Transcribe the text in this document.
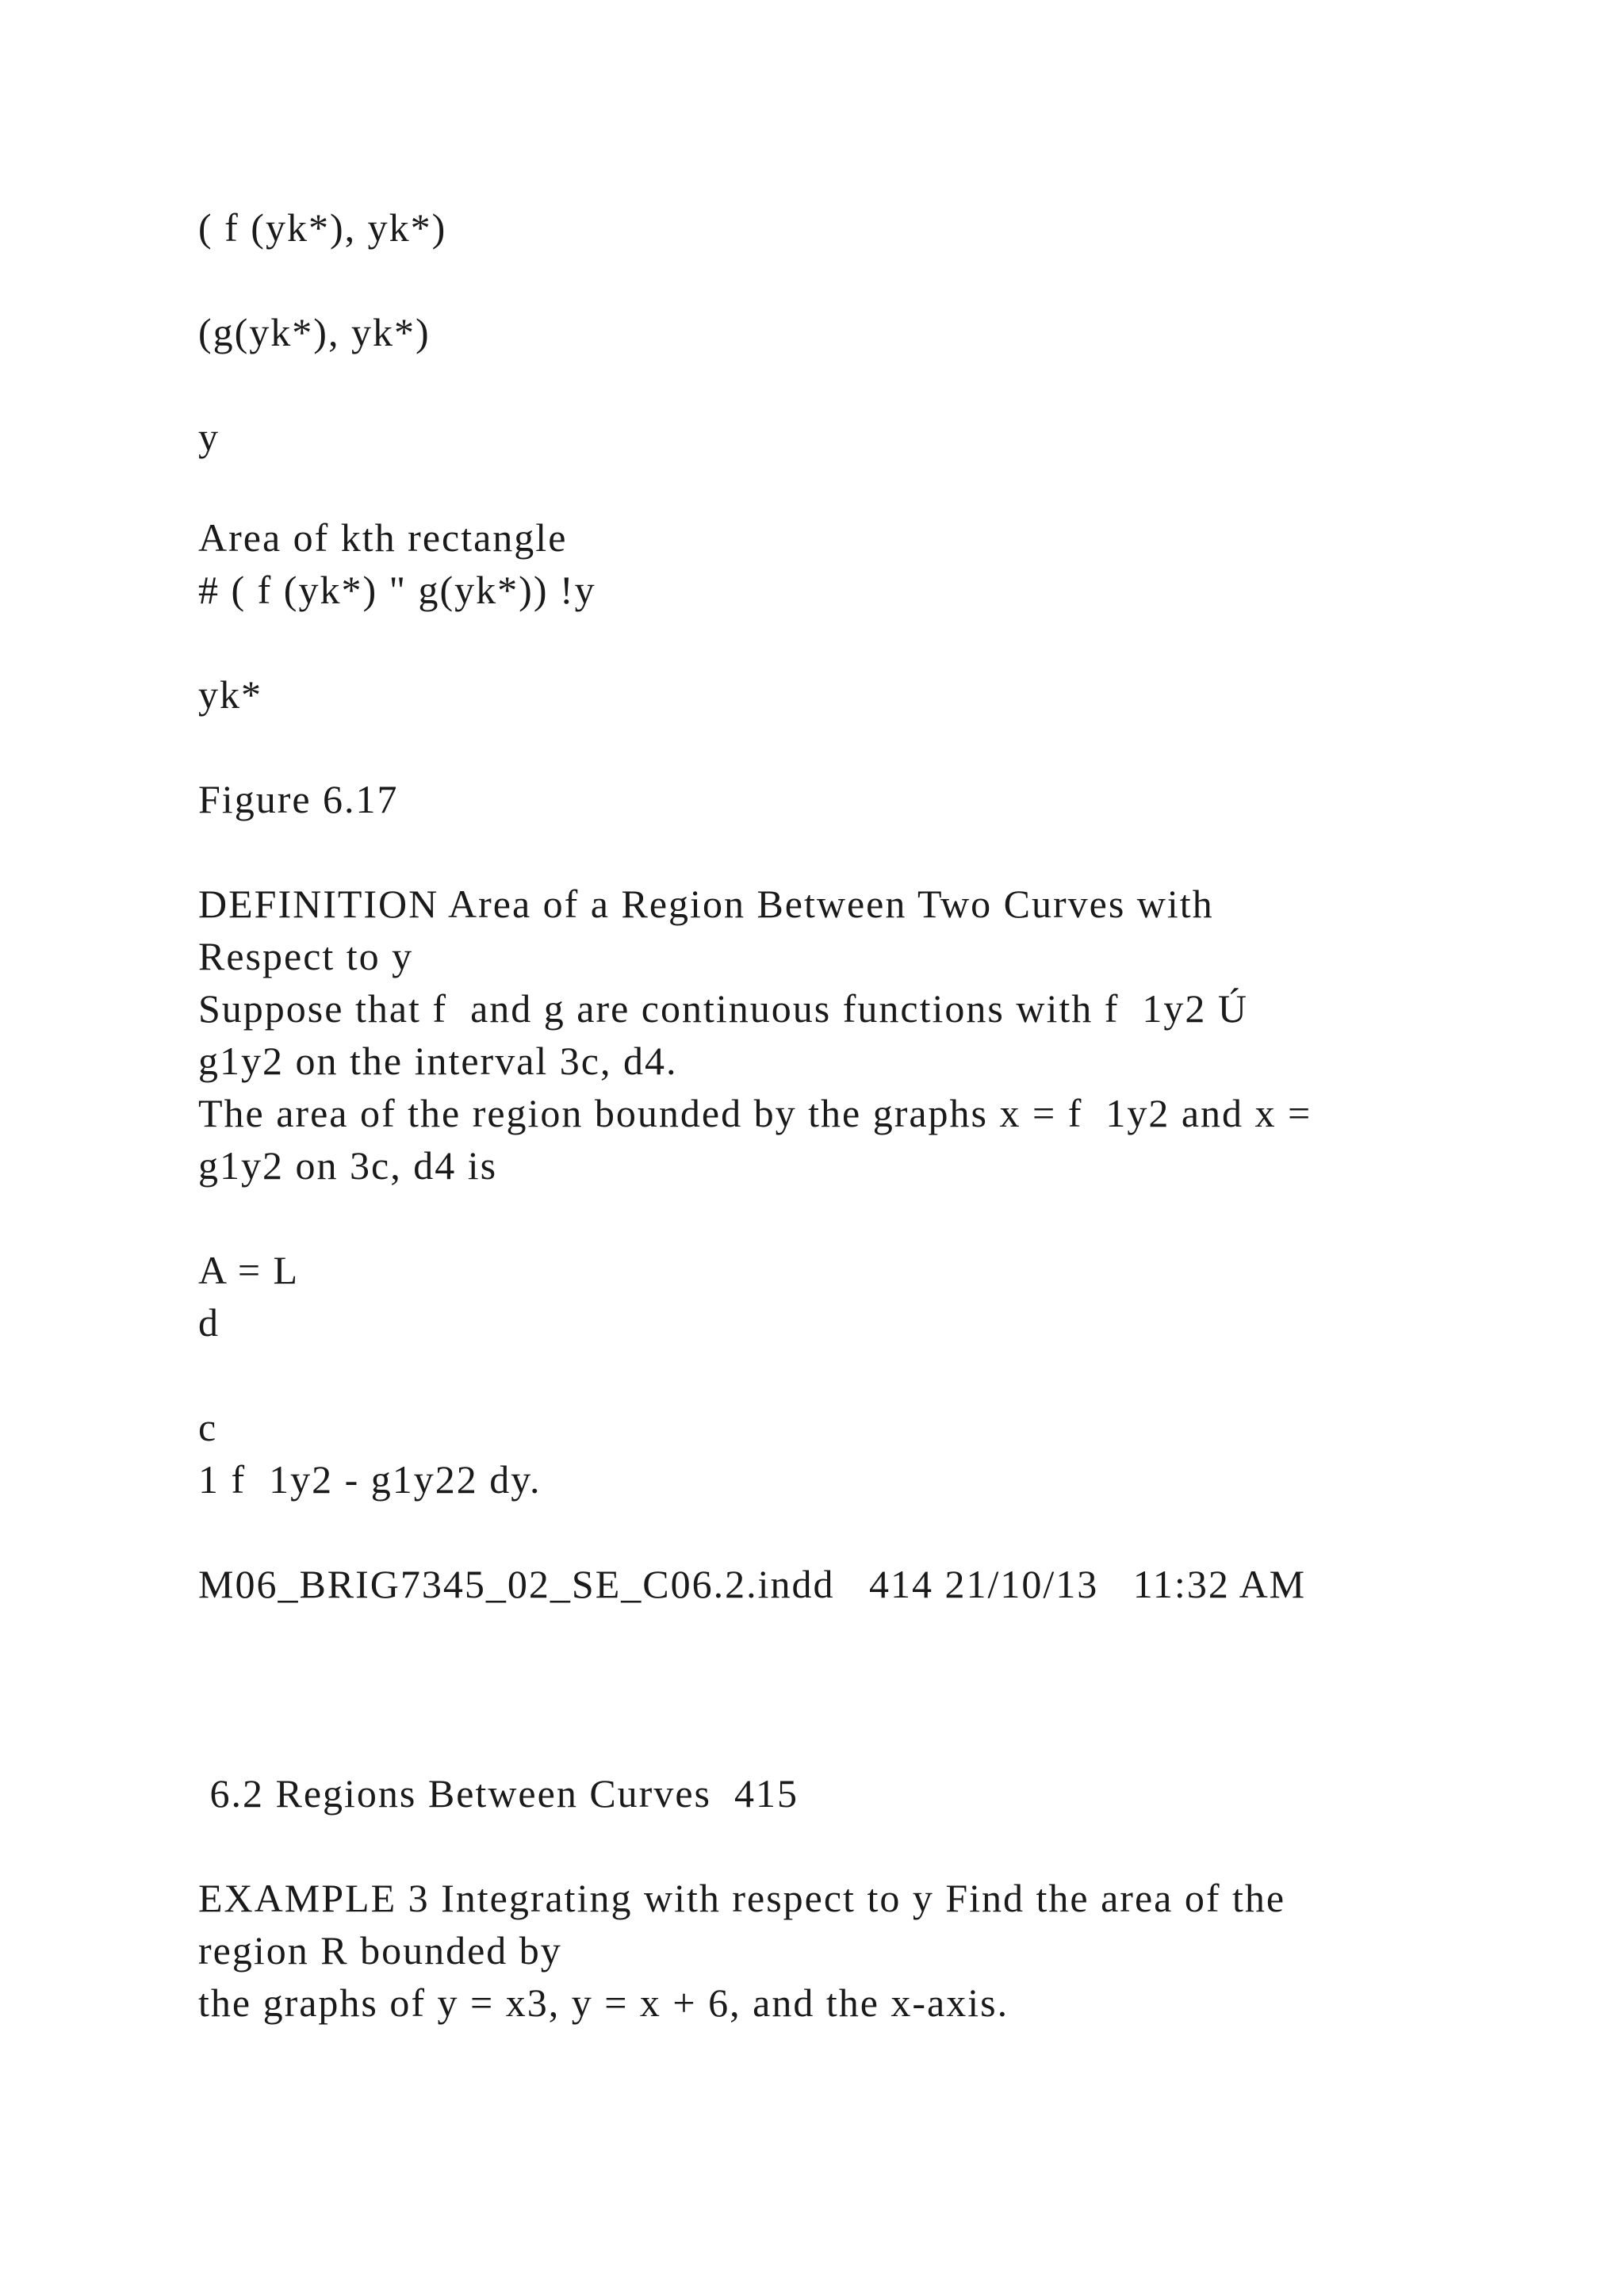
( f (yk*), yk*)

(g(yk*), yk*)

y

Area of kth rectangle

# ( f (yk*) " g(yk*)) !y

yk*

Figure 6.17

DEFINITION Area of a Region Between Two Curves with

Respect to y

Suppose that f  and g are continuous functions with f  1y2 Ú

g1y2 on the interval 3c, d4.

The area of the region bounded by the graphs x = f  1y2 and x =

g1y2 on 3c, d4 is

A = L

d

c

1 f  1y2 - g1y22 dy.

M06_BRIG7345_02_SE_C06.2.indd   414 21/10/13   11:32 AM

6.2 Regions Between Curves  415

EXAMPLE 3 Integrating with respect to y Find the area of the

region R bounded by

the graphs of y = x3, y = x + 6, and the x-axis.
